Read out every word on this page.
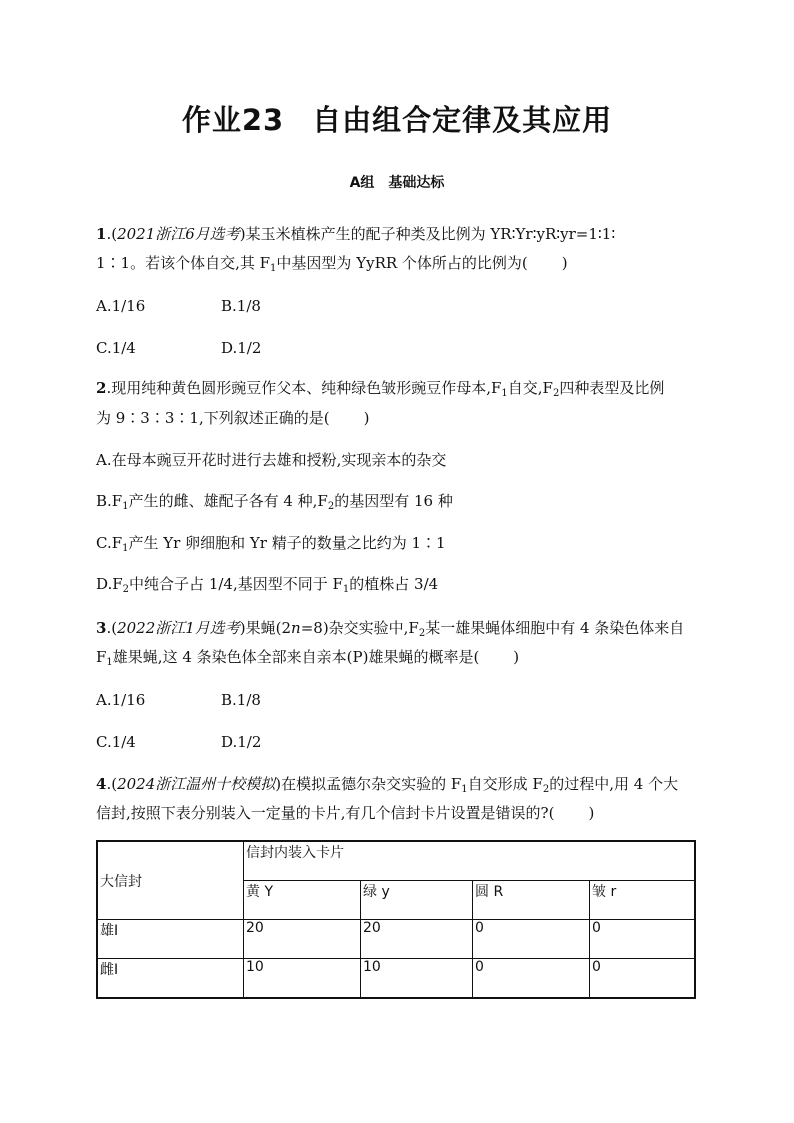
作业23 自由组合定律及其应用
A组 基础达标
1.(2021浙江6月选考)某玉米植株产生的配子种类及比例为 YR∶Yr∶yR∶yr=1∶1∶
1∶1。若该个体自交,其 $F_1$中基因型为 YyRR 个体所占的比例为( )
A.1/16	B.1/8
C.1/4	D.1/2
2.现用纯种黄色圆形豌豆作父本、纯种绿色皱形豌豆作母本$,F_1$自交$,F_2$四种表型及比例
为 9∶3∶3∶1,下列叙述正确的是( )
A.在母本豌豆开花时进行去雄和授粉,实现亲本的杂交
$B.F_1$产生的雌、雄配子各有 4 种$,F_2$的基因型有 16 种
$C.F_1$产生 Yr 卵细胞和 Yr 精子的数量之比约为 1∶1
$D.F_2$中纯合子占 1/4,基因型不同于 $F_1$的植株占 3/4
3.(2022浙江1月选考)果蝇(2n=8)杂交实验中$,F_2$某一雄果蝇体细胞中有 4 条染色体来自
$F_1$雄果蝇,这 4 条染色体全部来自亲本(P)雄果蝇的概率是( )
A.1/16	B.1/8
C.1/4	D.1/2
4.(2024浙江温州十校模拟)在模拟孟德尔杂交实验的 $F_1$自交形成 $F_2$的过程中,用 4 个大
信封,按照下表分别装入一定量的卡片,有几个信封卡片设置是错误的?( )
大信封	信封内装入卡片			
	黄 Y	绿 y	圆 R	皱 r
雄Ⅰ	20	20	0	0
雌Ⅰ	10	10	0	0
